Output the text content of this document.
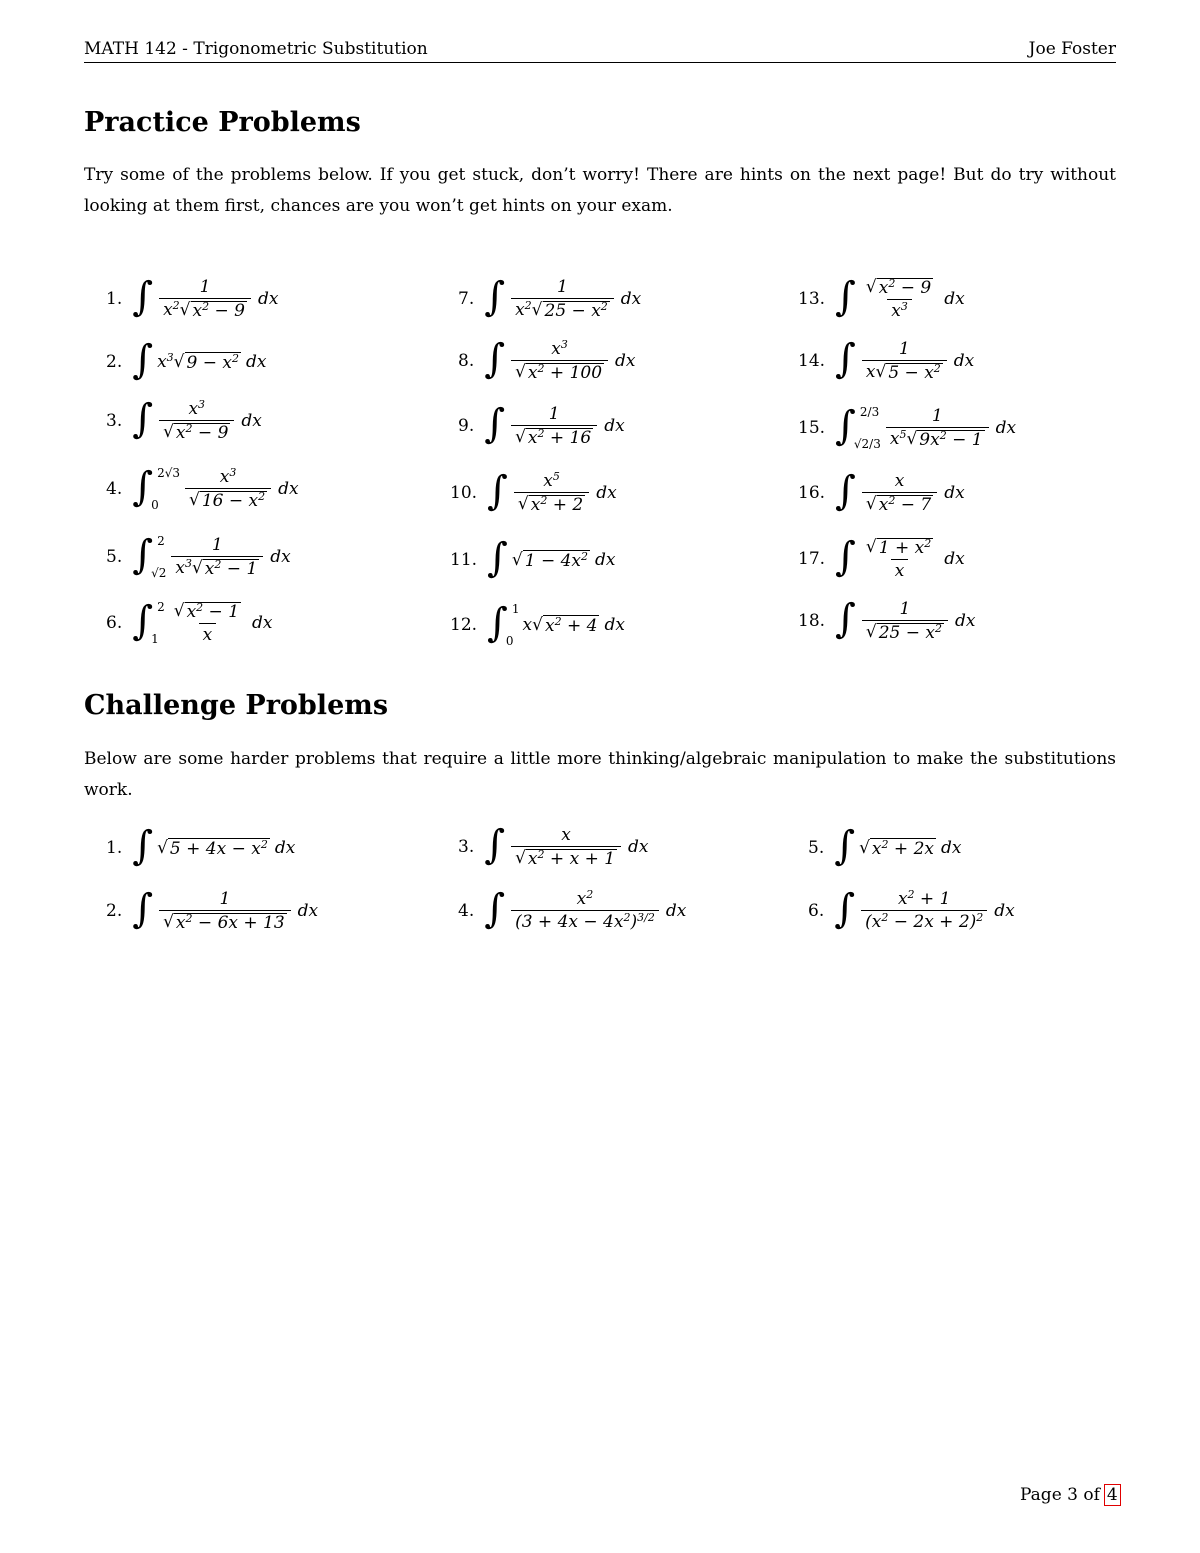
MATH 142 - Trigonometric Substitution	Joe Foster
Practice Problems
Try some of the problems below. If you get stuck, don’t worry! There are hints on the next page! But do try without looking at them first, chances are you won’t get hints on your exam.
1. ∫ $\frac{1}{x^2 √ x^2 - 9}$ dx
2. ∫ $x^3$ √ $9 - x^2$ dx
3. ∫ $\frac{x^3}{√ x^2 - 9}$ dx
4. ∫ 2√3
0	$\frac{x^3}{√ 16 - x^2}$ dx
5. ∫ 2
$√2 \frac{1}{x^3 √ x^2 - 1}$ dx
6. ∫ 2
$1 \frac{√ x^2 - 1}{x}$ dx
7. ∫ $\frac{1}{x^2 √ 25 - x^2}$ dx
8. ∫ $\frac{x^3}{√ x^2 + 100}$ dx
9. ∫ $\frac{1}{√ x^2 + 16}$ dx
10. ∫ $\frac{x^5}{√ x^2 + 2}$ dx
11. ∫ √ $1 - 4x^2$ dx
12. ∫ 1
0
x √ $x^2 + 4$ dx
13. ∫ $\frac{√ x^2 - 9}{x^3}$ dx
14. ∫ $\frac{1}{x √ 5 - x^2}$ dx
15. ∫ 2/3
$√2/3 \frac{1}{x^5 √ 9x^2 - 1}$ dx
16. ∫ $\frac{x}{√ x^2 - 7}$ dx
17. ∫ $\frac{√ 1 + x^2}{x}$ dx
18. ∫ $\frac{1}{√ 25 - x^2}$ dx
Challenge Problems
Below are some harder problems that require a little more thinking/algebraic manipulation to make the substitutions work.
1. ∫ √ $5 + 4x - x^2$ dx
2. ∫ $\frac{1}{√ x^2 - 6x + 13}$ dx
3. ∫ $\frac{x}{√ x^2 + x + 1}$ dx
4. ∫ $\frac{x^2}{(3 + 4x - 4x^2)^{3/2}}$ dx
5. ∫ √ $x^2 + 2x$ dx
6. ∫ $\frac{x^2 + 1}{(x^2 - 2x + 2)^2}$ dx
Page 3 of 4
